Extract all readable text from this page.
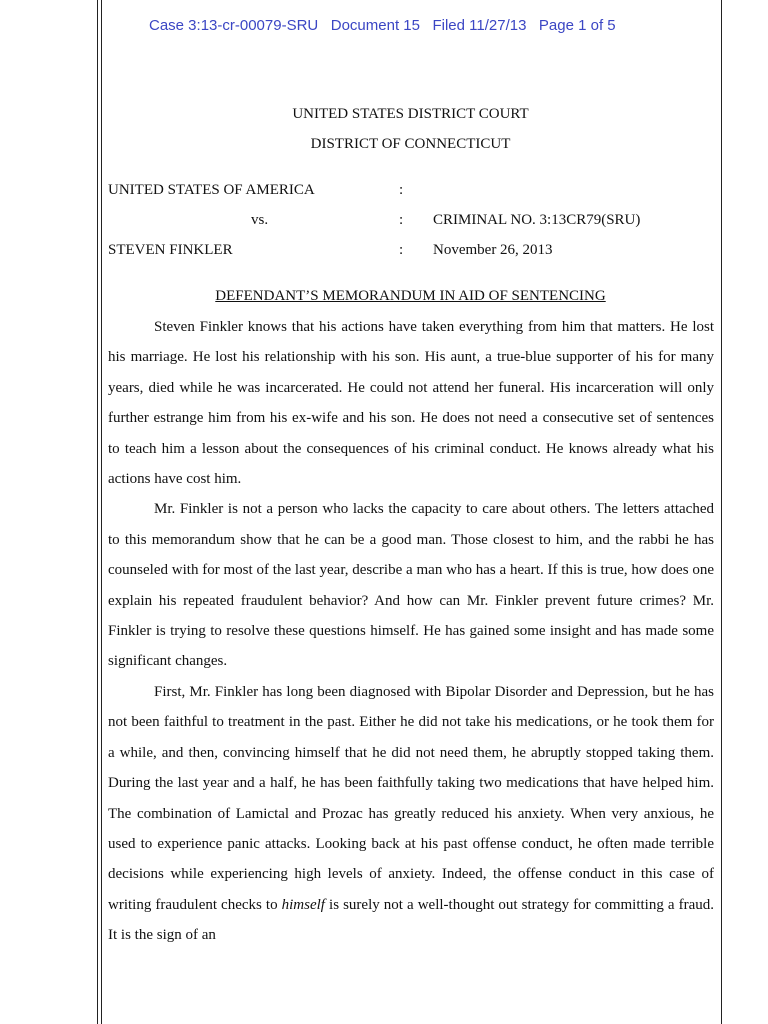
Case 3:13-cr-00079-SRU   Document 15   Filed 11/27/13   Page 1 of 5
UNITED STATES DISTRICT COURT
DISTRICT OF CONNECTICUT
UNITED STATES OF AMERICA	:
vs.	: CRIMINAL NO. 3:13CR79(SRU)
STEVEN FINKLER	: November 26, 2013
DEFENDANT’S MEMORANDUM IN AID OF SENTENCING

Steven Finkler knows that his actions have taken everything from him that matters. He lost his marriage. He lost his relationship with his son. His aunt, a true-blue supporter of his for many years, died while he was incarcerated. He could not attend her funeral. His incarceration will only further estrange him from his ex-wife and his son. He does not need a consecutive set of sentences to teach him a lesson about the consequences of his criminal conduct. He knows already what his actions have cost him.

Mr. Finkler is not a person who lacks the capacity to care about others. The letters attached to this memorandum show that he can be a good man. Those closest to him, and the rabbi he has counseled with for most of the last year, describe a man who has a heart. If this is true, how does one explain his repeated fraudulent behavior? And how can Mr. Finkler prevent future crimes? Mr. Finkler is trying to resolve these questions himself. He has gained some insight and has made some significant changes.

First, Mr. Finkler has long been diagnosed with Bipolar Disorder and Depression, but he has not been faithful to treatment in the past. Either he did not take his medications, or he took them for a while, and then, convincing himself that he did not need them, he abruptly stopped taking them. During the last year and a half, he has been faithfully taking two medications that have helped him. The combination of Lamictal and Prozac has greatly reduced his anxiety. When very anxious, he used to experience panic attacks. Looking back at his past offense conduct, he often made terrible decisions while experiencing high levels of anxiety. Indeed, the offense conduct in this case of writing fraudulent checks to himself is surely not a well-thought out strategy for committing a fraud. It is the sign of an
